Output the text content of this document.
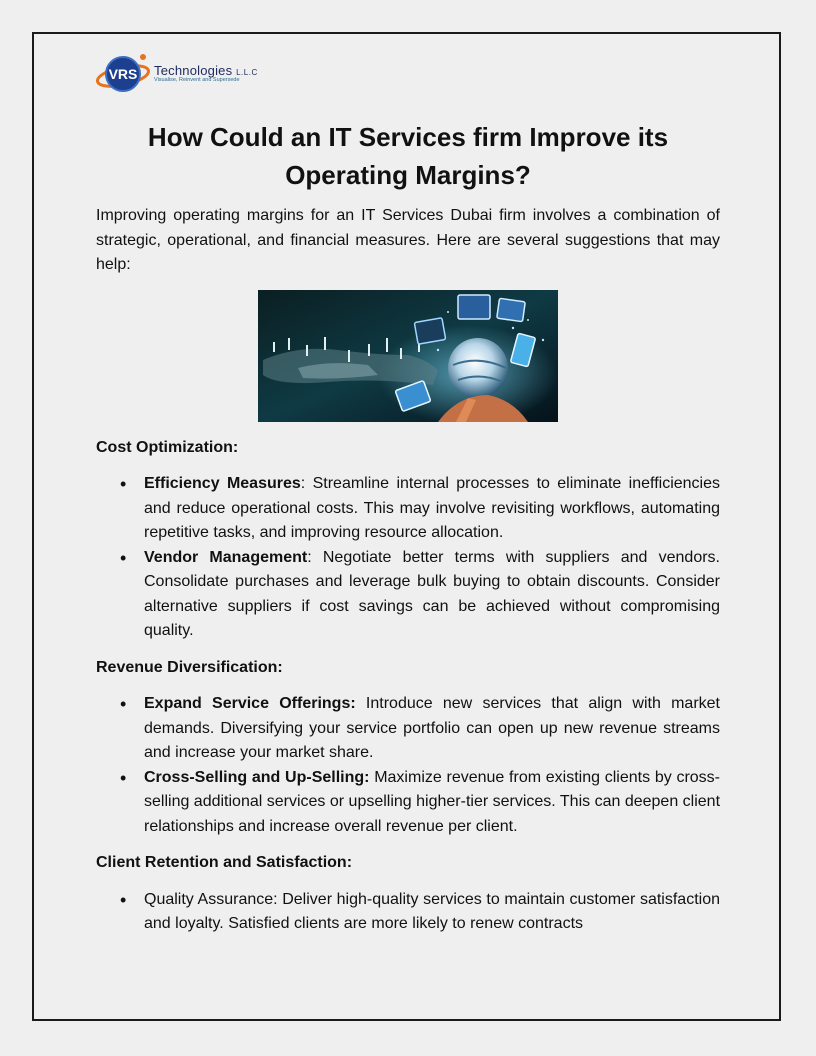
VRS Technologies L.L.C
Visualise, Reinvent and Supersede
How Could an IT Services firm Improve its Operating Margins?

Improving operating margins for an IT Services Dubai firm involves a combination of strategic, operational, and financial measures. Here are several suggestions that may help:

Cost Optimization:

• Efficiency Measures: Streamline internal processes to eliminate inefficiencies and reduce operational costs. This may involve revisiting workflows, automating repetitive tasks, and improving resource allocation.
• Vendor Management: Negotiate better terms with suppliers and vendors. Consolidate purchases and leverage bulk buying to obtain discounts. Consider alternative suppliers if cost savings can be achieved without compromising quality.

Revenue Diversification:

• Expand Service Offerings: Introduce new services that align with market demands. Diversifying your service portfolio can open up new revenue streams and increase your market share.
• Cross-Selling and Up-Selling: Maximize revenue from existing clients by cross-selling additional services or upselling higher-tier services. This can deepen client relationships and increase overall revenue per client.

Client Retention and Satisfaction:

• Quality Assurance: Deliver high-quality services to maintain customer satisfaction and loyalty. Satisfied clients are more likely to renew contracts
